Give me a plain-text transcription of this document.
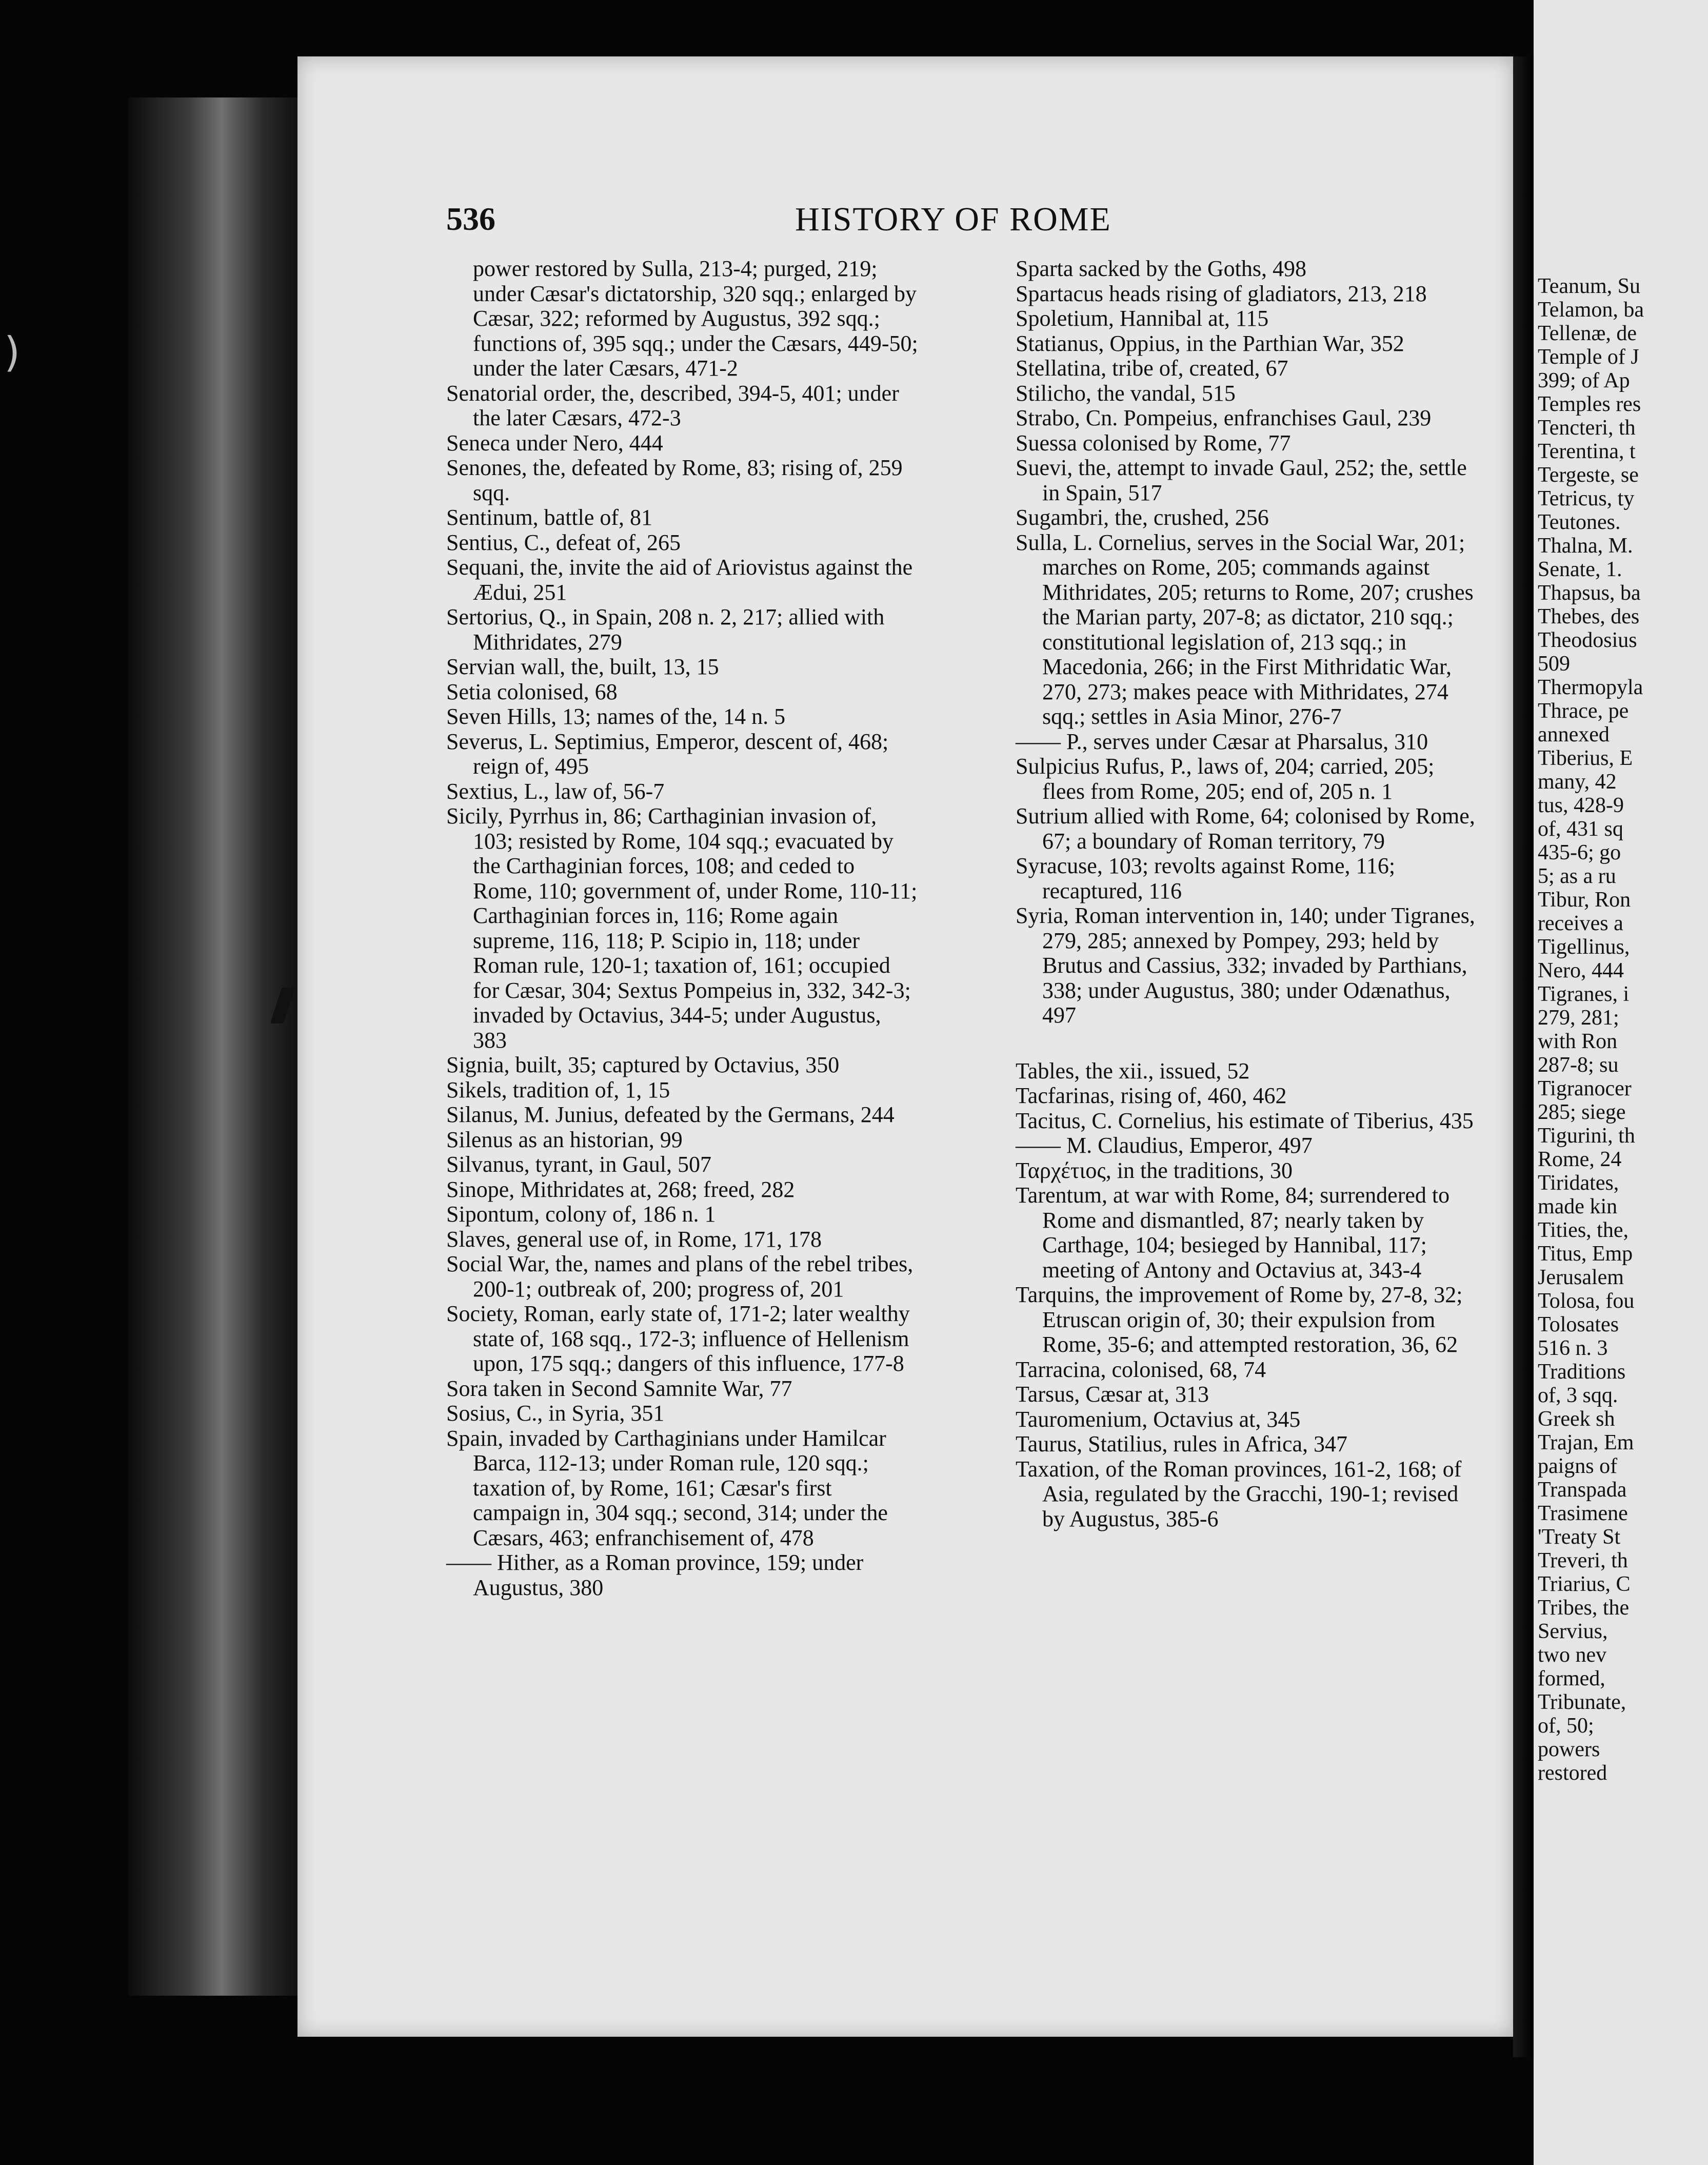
)
536	HISTORY OF ROME

power restored by Sulla, 213-4; purged, 219; under Cæsar's dictatorship, 320 sqq.; enlarged by Cæsar, 322; reformed by Augustus, 392 sqq.; functions of, 395 sqq.; under the Cæsars, 449-50; under the later Cæsars, 471-2

Senatorial order, the, described, 394-5, 401; under the later Cæsars, 472-3

Seneca under Nero, 444

Senones, the, defeated by Rome, 83; rising of, 259 sqq.

Sentinum, battle of, 81

Sentius, C., defeat of, 265

Sequani, the, invite the aid of Ariovistus against the Ædui, 251

Sertorius, Q., in Spain, 208 n. 2, 217; allied with Mithridates, 279

Servian wall, the, built, 13, 15

Setia colonised, 68

Seven Hills, 13; names of the, 14 n. 5

Severus, L. Septimius, Emperor, descent of, 468; reign of, 495

Sextius, L., law of, 56-7

Sicily, Pyrrhus in, 86; Carthaginian invasion of, 103; resisted by Rome, 104 sqq.; evacuated by the Carthaginian forces, 108; and ceded to Rome, 110; government of, under Rome, 110-11; Carthaginian forces in, 116; Rome again supreme, 116, 118; P. Scipio in, 118; under Roman rule, 120-1; taxation of, 161; occupied for Cæsar, 304; Sextus Pompeius in, 332, 342-3; invaded by Octavius, 344-5; under Augustus, 383

Signia, built, 35; captured by Octavius, 350

Sikels, tradition of, 1, 15

Silanus, M. Junius, defeated by the Germans, 244

Silenus as an historian, 99

Silvanus, tyrant, in Gaul, 507

Sinope, Mithridates at, 268; freed, 282

Sipontum, colony of, 186 n. 1

Slaves, general use of, in Rome, 171, 178

Social War, the, names and plans of the rebel tribes, 200-1; outbreak of, 200; progress of, 201

Society, Roman, early state of, 171-2; later wealthy state of, 168 sqq., 172-3; influence of Hellenism upon, 175 sqq.; dangers of this influence, 177-8

Sora taken in Second Samnite War, 77

Sosius, C., in Syria, 351

Spain, invaded by Carthaginians under Hamilcar Barca, 112-13; under Roman rule, 120 sqq.; taxation of, by Rome, 161; Cæsar's first campaign in, 304 sqq.; second, 314; under the Cæsars, 463; enfranchisement of, 478

—— Hither, as a Roman province, 159; under Augustus, 380

Sparta sacked by the Goths, 498

Spartacus heads rising of gladiators, 213, 218

Spoletium, Hannibal at, 115

Statianus, Oppius, in the Parthian War, 352

Stellatina, tribe of, created, 67

Stilicho, the vandal, 515

Strabo, Cn. Pompeius, enfranchises Gaul, 239

Suessa colonised by Rome, 77

Suevi, the, attempt to invade Gaul, 252; the, settle in Spain, 517

Sugambri, the, crushed, 256

Sulla, L. Cornelius, serves in the Social War, 201; marches on Rome, 205; commands against Mithridates, 205; returns to Rome, 207; crushes the Marian party, 207-8; as dictator, 210 sqq.; constitutional legislation of, 213 sqq.; in Macedonia, 266; in the First Mithridatic War, 270, 273; makes peace with Mithridates, 274 sqq.; settles in Asia Minor, 276-7

—— P., serves under Cæsar at Pharsalus, 310

Sulpicius Rufus, P., laws of, 204; carried, 205; flees from Rome, 205; end of, 205 n. 1

Sutrium allied with Rome, 64; colonised by Rome, 67; a boundary of Roman territory, 79

Syracuse, 103; revolts against Rome, 116; recaptured, 116

Syria, Roman intervention in, 140; under Tigranes, 279, 285; annexed by Pompey, 293; held by Brutus and Cassius, 332; invaded by Parthians, 338; under Augustus, 380; under Odænathus, 497

Tables, the xii., issued, 52

Tacfarinas, rising of, 460, 462

Tacitus, C. Cornelius, his estimate of Tiberius, 435

—— M. Claudius, Emperor, 497

Ταρχέτιος, in the traditions, 30

Tarentum, at war with Rome, 84; surrendered to Rome and dismantled, 87; nearly taken by Carthage, 104; besieged by Hannibal, 117; meeting of Antony and Octavius at, 343-4

Tarquins, the improvement of Rome by, 27-8, 32; Etruscan origin of, 30; their expulsion from Rome, 35-6; and attempted restoration, 36, 62

Tarracina, colonised, 68, 74

Tarsus, Cæsar at, 313

Tauromenium, Octavius at, 345

Taurus, Statilius, rules in Africa, 347

Taxation, of the Roman provinces, 161-2, 168; of Asia, regulated by the Gracchi, 190-1; revised by Augustus, 385-6

Teanum, Su
Telamon, ba
Tellenæ, de
Temple of J
399; of Ap
Temples res
Tencteri, th
Terentina, t
Tergeste, se
Tetricus, ty
Teutones.
Thalna, M.
Senate, 1.
Thapsus, ba
Thebes, des
Theodosius
509
Thermopyla
Thrace, pe
annexed
Tiberius, E
many, 42
tus, 428-9
of, 431 sq
435-6; go
5; as a ru
Tibur, Ron
receives a
Tigellinus,
Nero, 444
Tigranes, i
279, 281;
with Ron
287-8; su
Tigranocer
285; siege
Tigurini, th
Rome, 24
Tiridates,
made kin
Tities, the,
Titus, Emp
Jerusalem
Tolosa, fou
Tolosates
516 n. 3
Traditions
of, 3 sqq.
Greek sh
Trajan, Em
paigns of
Transpada
Trasimene
'Treaty St
Treveri, th
Triarius, C
Tribes, the
Servius,
two nev
formed,
Tribunate,
of, 50;
powers
restored
